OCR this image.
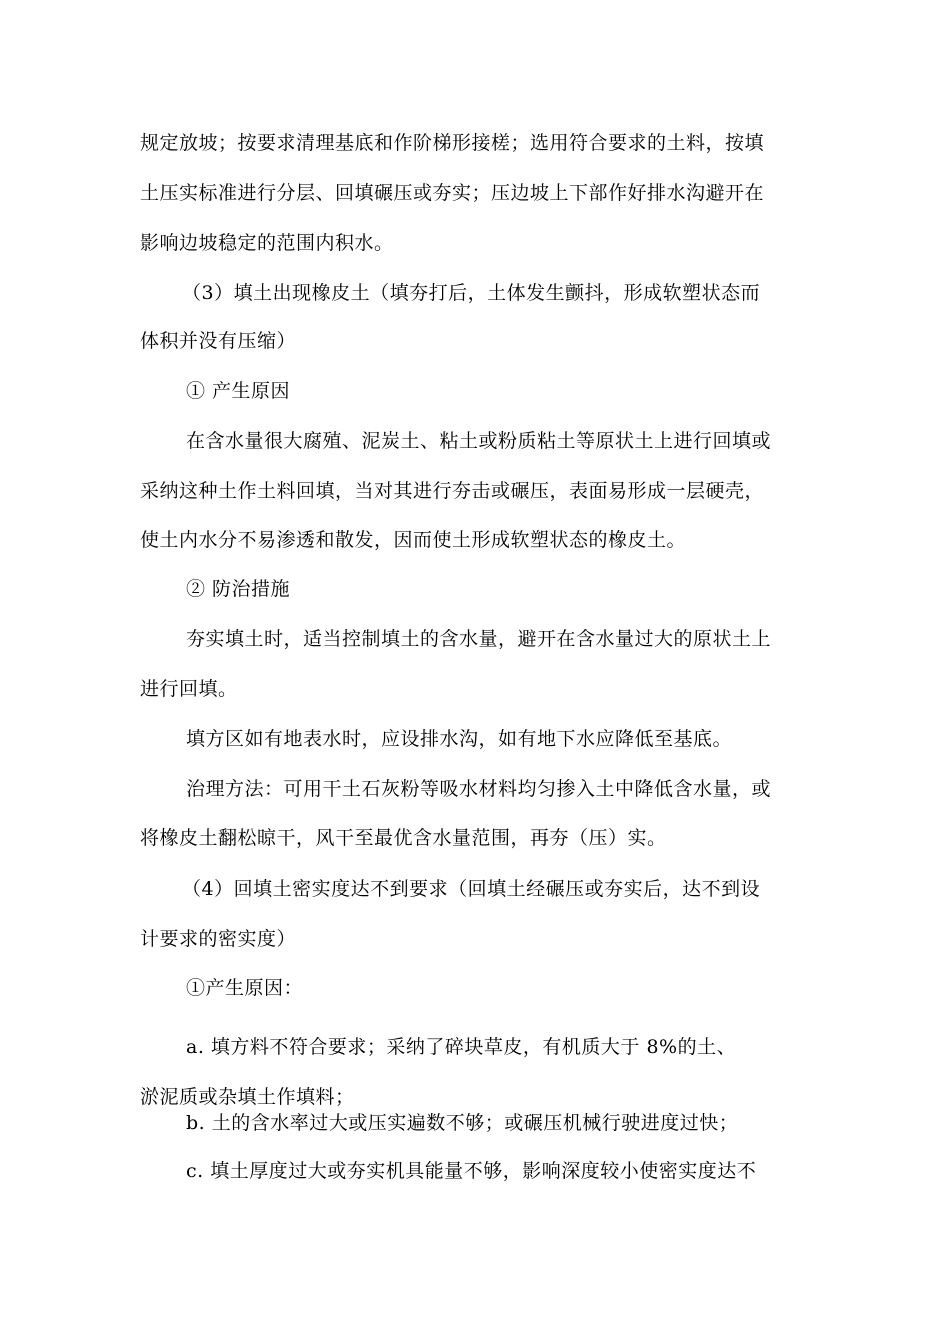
规定放坡；按要求清理基底和作阶梯形接槎；选用符合要求的土料，按填
土压实标准进行分层、回填碾压或夯实；压边坡上下部作好排水沟避开在
影响边坡稳定的范围内积水。
（3）填土出现橡皮土（填夯打后，土体发生颤抖，形成软塑状态而
体积并没有压缩）
① 产生原因
在含水量很大腐殖、泥炭土、粘土或粉质粘土等原状土上进行回填或
采纳这种土作土料回填，当对其进行夯击或碾压，表面易形成一层硬壳，
使土内水分不易渗透和散发，因而使土形成软塑状态的橡皮土。
② 防治措施
夯实填土时，适当控制填土的含水量，避开在含水量过大的原状土上
进行回填。
填方区如有地表水时，应设排水沟，如有地下水应降低至基底。
治理方法：可用干土石灰粉等吸水材料均匀掺入土中降低含水量，或
将橡皮土翻松晾干，风干至最优含水量范围，再夯（压）实。
（4）回填土密实度达不到要求（回填土经碾压或夯实后，达不到设
计要求的密实度）
①产生原因：
a. 填方料不符合要求；采纳了碎块草皮，有机质大于 8%的土、
淤泥质或杂填土作填料；
b. 土的含水率过大或压实遍数不够；或碾压机械行驶进度过快；
c. 填土厚度过大或夯实机具能量不够，影响深度较小使密实度达不
